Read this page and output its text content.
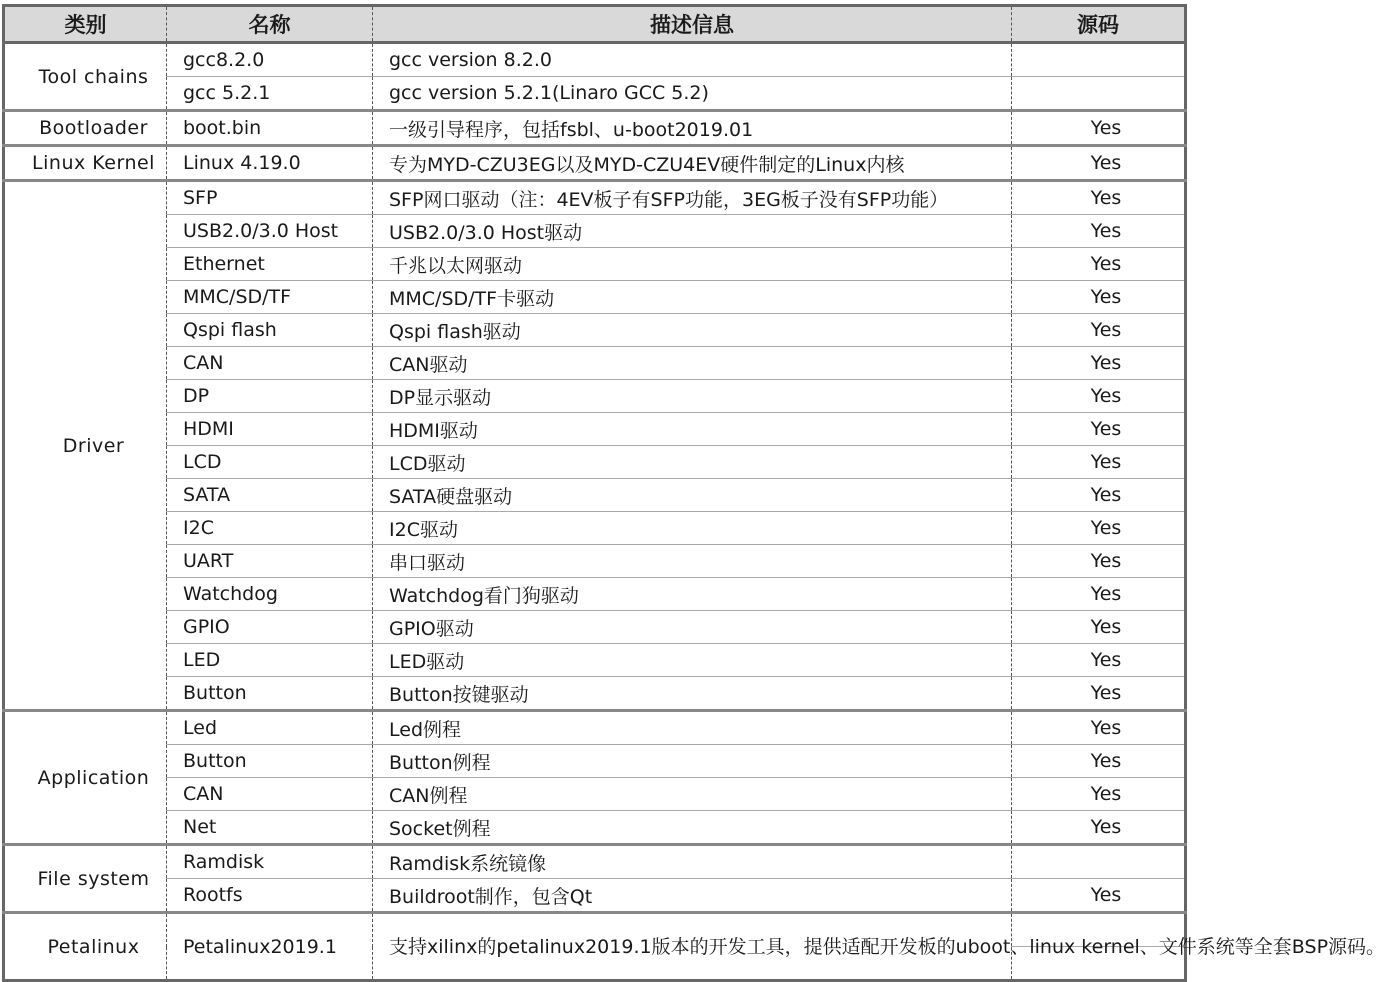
类别	名称	描述信息	源码
Tool chains	gcc8.2.0	gcc version 8.2.0	
	gcc 5.2.1	gcc version 5.2.1(Linaro GCC 5.2)	
Bootloader	boot.bin	一级引导程序，包括fsbl、u-boot2019.01	Yes
Linux Kernel	Linux 4.19.0	专为MYD-CZU3EG以及MYD-CZU4EV硬件制定的Linux内核	Yes
Driver	SFP	SFP网口驱动（注：4EV板子有SFP功能，3EG板子没有SFP功能）	Yes
	USB2.0/3.0 Host	USB2.0/3.0 Host驱动	Yes
	Ethernet	千兆以太网驱动	Yes
	MMC/SD/TF	MMC/SD/TF卡驱动	Yes
	Qspi flash	Qspi flash驱动	Yes
	CAN	CAN驱动	Yes
	DP	DP显示驱动	Yes
	HDMI	HDMI驱动	Yes
	LCD	LCD驱动	Yes
	SATA	SATA硬盘驱动	Yes
	I2C	I2C驱动	Yes
	UART	串口驱动	Yes
	Watchdog	Watchdog看门狗驱动	Yes
	GPIO	GPIO驱动	Yes
	LED	LED驱动	Yes
	Button	Button按键驱动	Yes
Application	Led	Led例程	Yes
	Button	Button例程	Yes
	CAN	CAN例程	Yes
	Net	Socket例程	Yes
File system	Ramdisk	Ramdisk系统镜像	
	Rootfs	Buildroot制作，包含Qt	Yes
Petalinux	Petalinux2019.1	支持xilinx的petalinux2019.1版本的开发工具，提供适配开发板的uboot、linux kernel、文件系统等全套BSP源码。	
